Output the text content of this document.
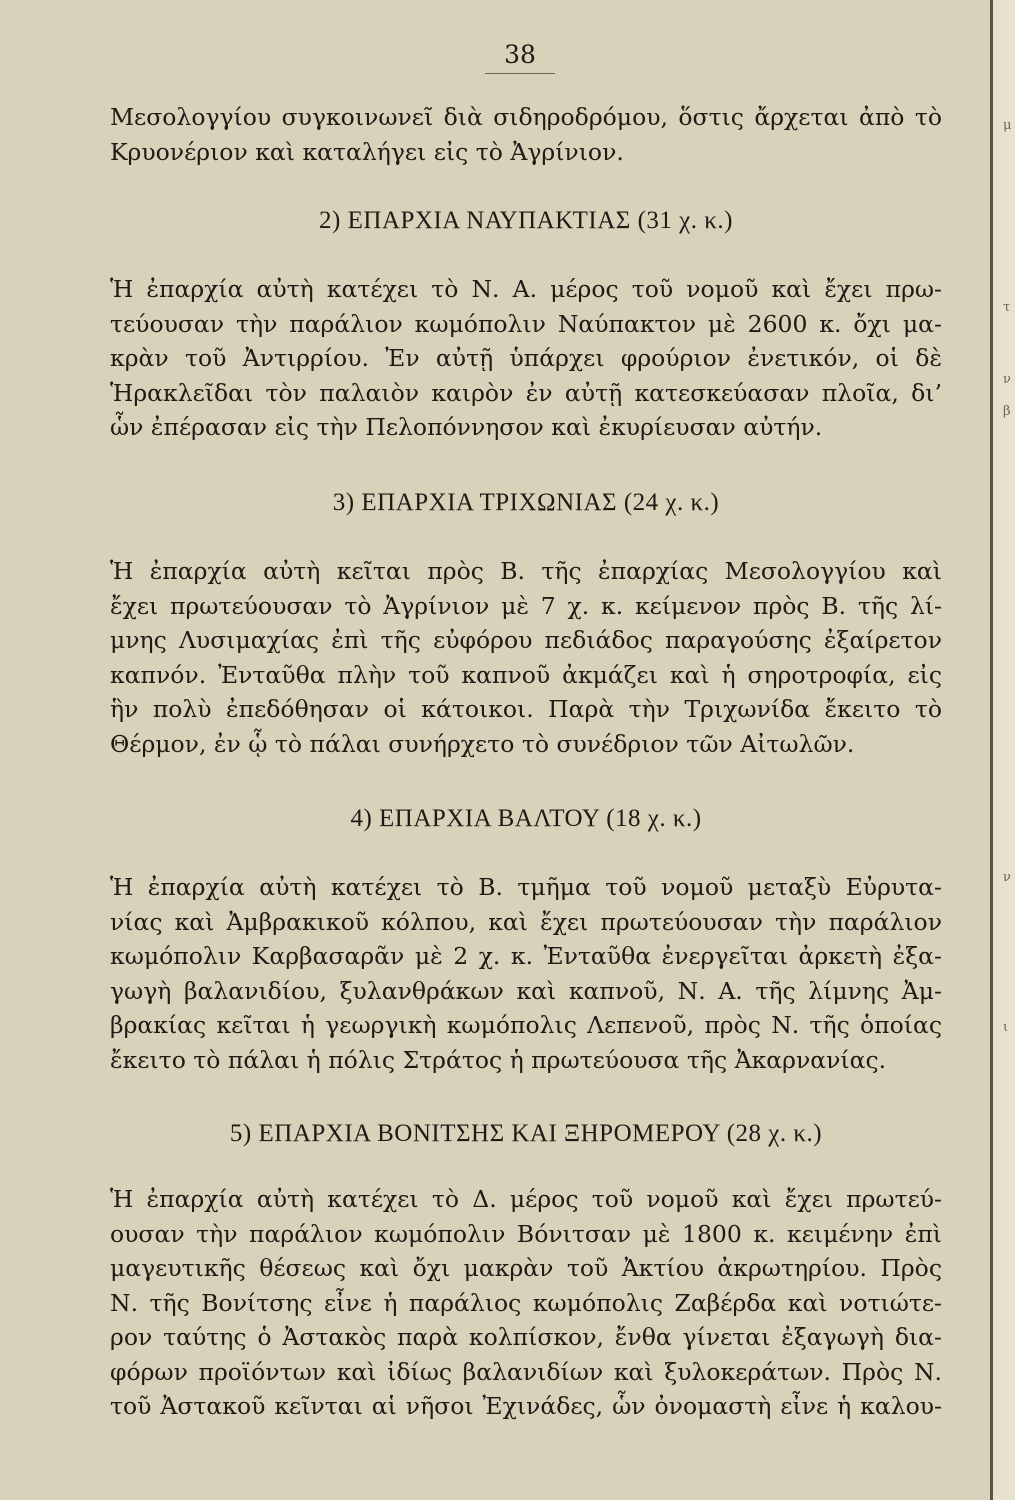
38
Μεσολογγίου συγκοινωνεῖ διὰ σιδηροδρόμου, ὅστις ἄρχεται ἀπὸ τὸ
Κρυονέριον καὶ καταλήγει εἰς τὸ Ἀγρίνιον.
2) ΕΠΑΡΧΙΑ ΝΑΥΠΑΚΤΙΑΣ (31 χ. κ.)
Ἡ ἐπαρχία αὐτὴ κατέχει τὸ Ν. Α. μέρος τοῦ νομοῦ καὶ ἔχει πρω-
τεύουσαν τὴν παράλιον κωμόπολιν Ναύπακτον μὲ 2600 κ. ὄχι μα-
κρὰν τοῦ Ἀντιρρίου. Ἐν αὐτῇ ὑπάρχει φρούριον ἐνετικόν, οἱ δὲ
Ἡρακλεῖδαι τὸν παλαιὸν καιρὸν ἐν αὐτῇ κατεσκεύασαν πλοῖα, δι’
ὧν ἐπέρασαν εἰς τὴν Πελοπόννησον καὶ ἐκυρίευσαν αὐτήν.
3) ΕΠΑΡΧΙΑ ΤΡΙΧΩΝΙΑΣ (24 χ. κ.)
Ἡ ἐπαρχία αὐτὴ κεῖται πρὸς Β. τῆς ἐπαρχίας Μεσολογγίου καὶ
ἔχει πρωτεύουσαν τὸ Ἀγρίνιον μὲ 7 χ. κ. κείμενον πρὸς Β. τῆς λί-
μνης Λυσιμαχίας ἐπὶ τῆς εὐφόρου πεδιάδος παραγούσης ἐξαίρετον
καπνόν. Ἐνταῦθα πλὴν τοῦ καπνοῦ ἀκμάζει καὶ ἡ σηροτροφία, εἰς
ἣν πολὺ ἐπεδόθησαν οἱ κάτοικοι. Παρὰ τὴν Τριχωνίδα ἔκειτο τὸ
Θέρμον, ἐν ᾧ τὸ πάλαι συνήρχετο τὸ συνέδριον τῶν Αἰτωλῶν.
4) ΕΠΑΡΧΙΑ ΒΑΛΤΟΥ (18 χ. κ.)
Ἡ ἐπαρχία αὐτὴ κατέχει τὸ Β. τμῆμα τοῦ νομοῦ μεταξὺ Εὐρυτα-
νίας καὶ Ἀμβρακικοῦ κόλπου, καὶ ἔχει πρωτεύουσαν τὴν παράλιον
κωμόπολιν Καρβασαρᾶν μὲ 2 χ. κ. Ἐνταῦθα ἐνεργεῖται ἀρκετὴ ἐξα-
γωγὴ βαλανιδίου, ξυλανθράκων καὶ καπνοῦ, Ν. Α. τῆς λίμνης Ἀμ-
βρακίας κεῖται ἡ γεωργικὴ κωμόπολις Λεπενοῦ, πρὸς Ν. τῆς ὁποίας
ἔκειτο τὸ πάλαι ἡ πόλις Στράτος ἡ πρωτεύουσα τῆς Ἀκαρνανίας.
5) ΕΠΑΡΧΙΑ ΒΟΝΙΤΣΗΣ ΚΑΙ ΞΗΡΟΜΕΡΟΥ (28 χ. κ.)
Ἡ ἐπαρχία αὐτὴ κατέχει τὸ Δ. μέρος τοῦ νομοῦ καὶ ἔχει πρωτεύ-
ουσαν τὴν παράλιον κωμόπολιν Βόνιτσαν μὲ 1800 κ. κειμένην ἐπὶ
μαγευτικῆς θέσεως καὶ ὄχι μακρὰν τοῦ Ἀκτίου ἀκρωτηρίου. Πρὸς
Ν. τῆς Βονίτσης εἶνε ἡ παράλιος κωμόπολις Ζαβέρδα καὶ νοτιώτε-
ρον ταύτης ὁ Ἀστακὸς παρὰ κολπίσκον, ἔνθα γίνεται ἐξαγωγὴ δια-
φόρων προϊόντων καὶ ἰδίως βαλανιδίων καὶ ξυλοκεράτων. Πρὸς Ν.
τοῦ Ἀστακοῦ κεῖνται αἱ νῆσοι Ἐχινάδες, ὧν ὀνομαστὴ εἶνε ἡ καλου-
μ
τ
ν
β
ν
ι
